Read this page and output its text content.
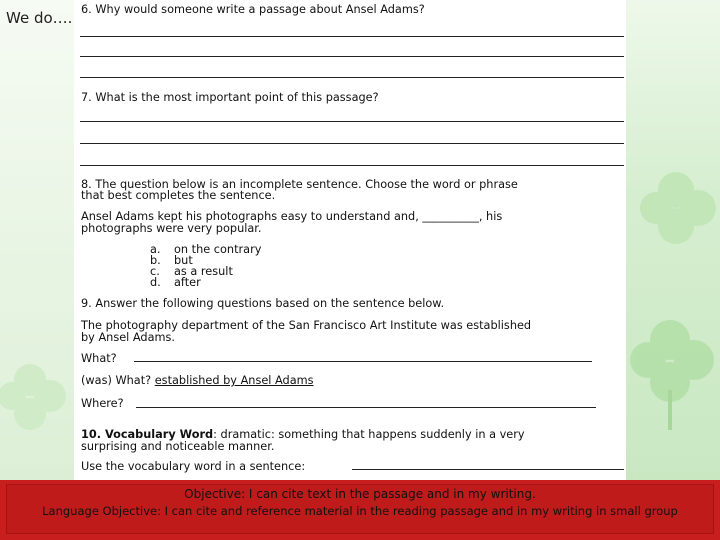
We do…. 6. Why would someone write a passage about Ansel Adams?
7. What is the most important point of this passage?
8. The question below is an incomplete sentence. Choose the word or phrase
that best completes the sentence.
Ansel Adams kept his photographs easy to understand and, __________, his
photographs were very popular.
a. on the contrary
b. but
c. as a result
d. after
9. Answer the following questions based on the sentence below.
The photography department of the San Francisco Art Institute was established
by Ansel Adams.
What?
(was) What? established by Ansel Adams
Where?
10. Vocabulary Word: dramatic: something that happens suddenly in a very
surprising and noticeable manner.
Use the vocabulary word in a sentence:
Objective: I can cite text in the passage and in my writing.
Language Objective: I can cite and reference material in the reading passage and in my writing in small group
